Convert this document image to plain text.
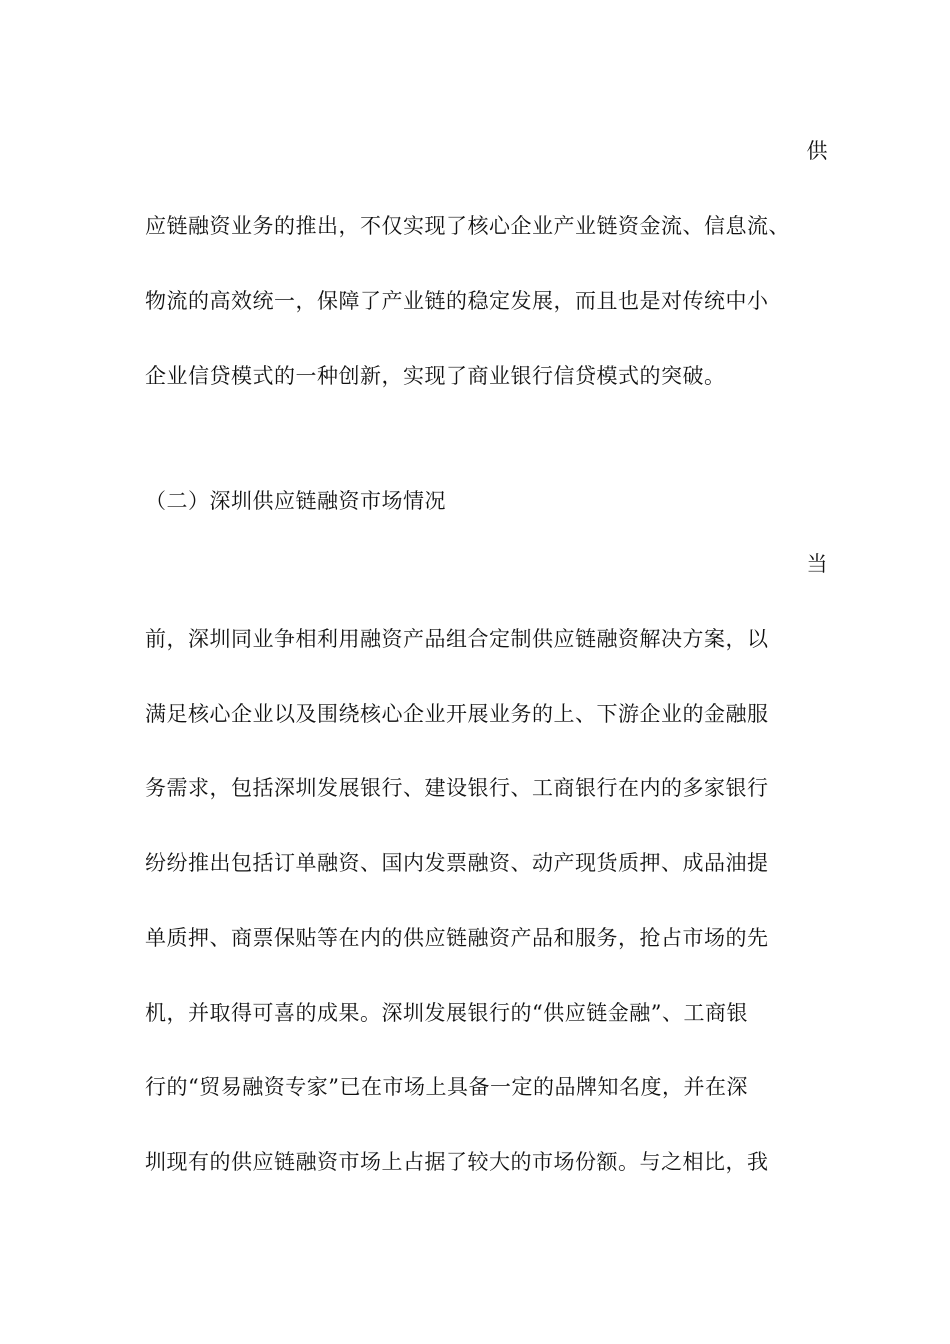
供
应链融资业务的推出，不仅实现了核心企业产业链资金流、信息流、
物流的高效统一，保障了产业链的稳定发展，而且也是对传统中小
企业信贷模式的一种创新，实现了商业银行信贷模式的突破。
（二）深圳供应链融资市场情况
当
前，深圳同业争相利用融资产品组合定制供应链融资解决方案，以
满足核心企业以及围绕核心企业开展业务的上、下游企业的金融服
务需求，包括深圳发展银行、建设银行、工商银行在内的多家银行
纷纷推出包括订单融资、国内发票融资、动产现货质押、成品油提
单质押、商票保贴等在内的供应链融资产品和服务，抢占市场的先
机，并取得可喜的成果。深圳发展银行的“供应链金融”、工商银
行的“贸易融资专家”已在市场上具备一定的品牌知名度，并在深
圳现有的供应链融资市场上占据了较大的市场份额。与之相比，我
